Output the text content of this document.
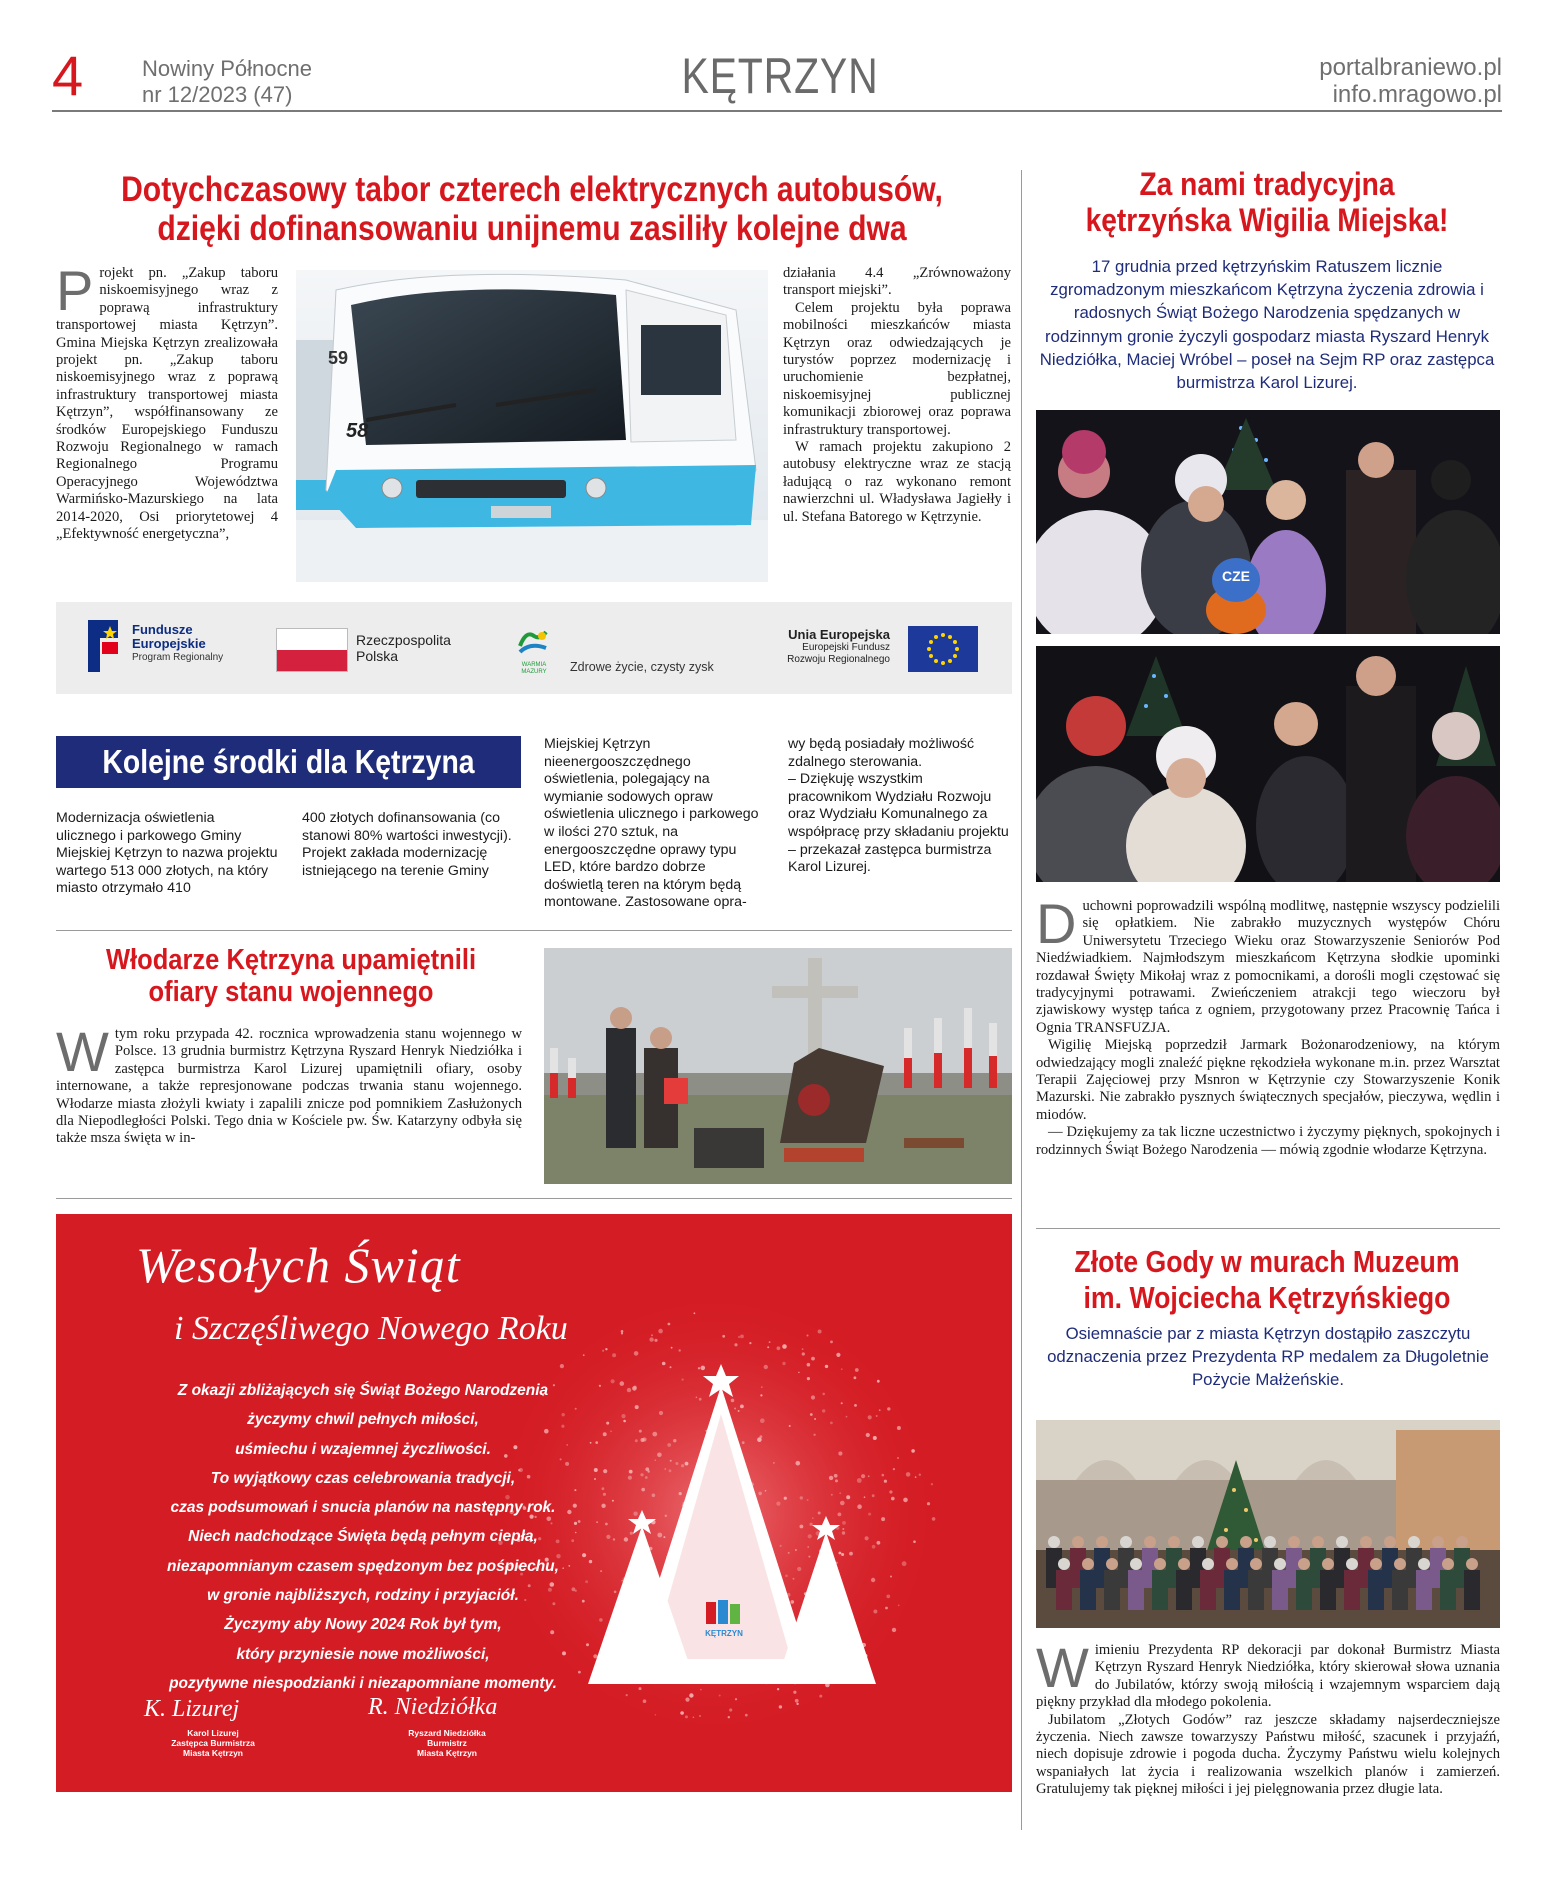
4	Nowiny Północne
nr 12/2023 (47)	KĘTRZYN	portalbraniewo.pl
info.mragowo.pl
Dotychczasowy tabor czterech elektrycznych autobusów,
dzięki dofinansowaniu unijnemu zasiliły kolejne dwa
Projekt pn. „Zakup taboru niskoemisyjnego wraz z poprawą infrastruktury transportowej miasta Kętrzyn”. Gmina Miejska Kętrzyn zrealizowała projekt pn. „Zakup taboru niskoemisyjnego wraz z poprawą infrastruktury transportowej miasta Kętrzyn”, współfinansowany ze środków Europejskiego Funduszu Rozwoju Regionalnego w ramach Regionalnego Programu Operacyjnego Województwa Warmińsko-Mazurskiego na lata 2014-2020, Osi priorytetowej 4 „Efektywność energetyczna”,
58
59

działania 4.4 „Zrównoważony transport miejski”.

Celem projektu była poprawa mobilności mieszkańców miasta Kętrzyn oraz odwiedzających je turystów poprzez modernizację i uruchomienie bezpłatnej, niskoemisyjnej publicznej komunikacji zbiorowej oraz poprawa infrastruktury transportowej.

W ramach projektu zakupiono 2 autobusy elektryczne wraz ze stacją ładującą o raz wykonano remont nawierzchni ul. Władysława Jagiełły i ul. Stefana Batorego w Kętrzynie.

Fundusze
Europejskie
Program Regionalny
Rzeczpospolita
Polska
WARMIA MAZURY	Zdrowe życie, czysty zysk
Unia Europejska
Europejski Fundusz
Rozwoju Regionalnego
Kolejne środki dla Kętrzyna
Modernizacja oświetlenia ulicznego i parkowego Gminy Miejskiej Kętrzyn to nazwa projektu wartego 513 000 złotych, na który miasto otrzymało 410
400 złotych dofinansowania (co stanowi 80% wartości inwestycji). Projekt zakłada modernizację istniejącego na terenie Gminy
Miejskiej Kętrzyn nieenergooszczędnego oświetlenia, polegający na wymianie sodowych opraw oświetlenia ulicznego i parkowego w ilości 270 sztuk, na energooszczędne oprawy typu LED, które bardzo dobrze doświetlą teren na którym będą montowane. Zastosowane opra-
wy będą posiadały możliwość zdalnego sterowania.
– Dziękuję wszystkim pracownikom Wydziału Rozwoju oraz Wydziału Komunalnego za współpracę przy składaniu projektu – przekazał zastępca burmistrza Karol Lizurej.
Włodarze Kętrzyna upamiętnili
ofiary stanu wojennego
Wtym roku przypada 42. rocznica wprowadzenia stanu wojennego w Polsce. 13 grudnia burmistrz Kętrzyna Ryszard Henryk Niedziółka i zastępca burmistrza Karol Lizurej upamiętnili ofiary, osoby internowane, a także represjonowane podczas trwania stanu wojennego. Włodarze miasta złożyli kwiaty i zapalili znicze pod pomnikiem Zasłużonych dla Niepodległości Polski. Tego dnia w Kościele pw. Św. Katarzyny odbyła się także msza święta w in-
Wesołych Świąt
i Szczęśliwego Nowego Roku
Z okazji zbliżających się Świąt Bożego Narodzenia
życzymy chwil pełnych miłości,
uśmiechu i wzajemnej życzliwości.
To wyjątkowy czas celebrowania tradycji,
czas podsumowań i snucia planów na następny rok.
Niech nadchodzące Święta będą pełnym ciepła,
niezapomnianym czasem spędzonym bez pośpiechu,
w gronie najbliższych, rodziny i przyjaciół.
Życzymy aby Nowy 2024 Rok był tym,
który przyniesie nowe możliwości,
pozytywne niespodzianki i niezapomniane momenty.
KĘTRZYN
K. Lizurej
Karol Lizurej
Zastępca Burmistrza
Miasta Kętrzyn
R. Niedziółka
Ryszard Niedziółka
Burmistrz
Miasta Kętrzyn
Za nami tradycyjna
kętrzyńska Wigilia Miejska!
17 grudnia przed kętrzyńskim Ratuszem licznie zgromadzonym mieszkańcom Kętrzyna życzenia zdrowia i radosnych Świąt Bożego Narodzenia spędzanych w rodzinnym gronie życzyli gospodarz miasta Ryszard Henryk Niedziółka, Maciej Wróbel – poseł na Sejm RP oraz zastępca burmistrza Karol Lizurej.
CZE

Duchowni poprowadzili wspólną modlitwę, następnie wszyscy podzielili się opłatkiem. Nie zabrakło muzycznych występów Chóru Uniwersytetu Trzeciego Wieku oraz Stowarzyszenie Seniorów Pod Niedźwiadkiem. Najmłodszym mieszkańcom Kętrzyna słodkie upominki rozdawał Święty Mikołaj wraz z pomocnikami, a dorośli mogli częstować się tradycyjnymi potrawami. Zwieńczeniem atrakcji tego wieczoru był zjawiskowy występ tańca z ogniem, przygotowany przez Pracownię Tańca i Ognia TRANSFUZJA.

Wigilię Miejską poprzedził Jarmark Bożonarodzeniowy, na którym odwiedzający mogli znaleźć piękne rękodzieła wykonane m.in. przez Warsztat Terapii Zajęciowej przy Msnron w Kętrzynie czy Stowarzyszenie Konik Mazurski. Nie zabrakło pysznych świątecznych specjałów, pieczywa, wędlin i miodów.

— Dziękujemy za tak liczne uczestnictwo i życzymy pięknych, spokojnych i rodzinnych Świąt Bożego Narodzenia — mówią zgodnie włodarze Kętrzyna.

Złote Gody w murach Muzeum
im. Wojciecha Kętrzyńskiego
Osiemnaście par z miasta Kętrzyn dostąpiło zaszczytu odznaczenia przez Prezydenta RP medalem za Długoletnie Pożycie Małżeńskie.

Wimieniu Prezydenta RP dekoracji par dokonał Burmistrz Miasta Kętrzyn Ryszard Henryk Niedziółka, który skierował słowa uznania do Jubilatów, którzy swoją miłością i wzajemnym wsparciem dają piękny przykład dla młodego pokolenia.

Jubilatom „Złotych Godów” raz jeszcze składamy najserdeczniejsze życzenia. Niech zawsze towarzyszy Państwu miłość, szacunek i przyjaźń, niech dopisuje zdrowie i pogoda ducha. Życzymy Państwu wielu kolejnych wspaniałych lat życia i realizowania wszelkich planów i zamierzeń. Gratulujemy tak pięknej miłości i jej pielęgnowania przez długie lata.
